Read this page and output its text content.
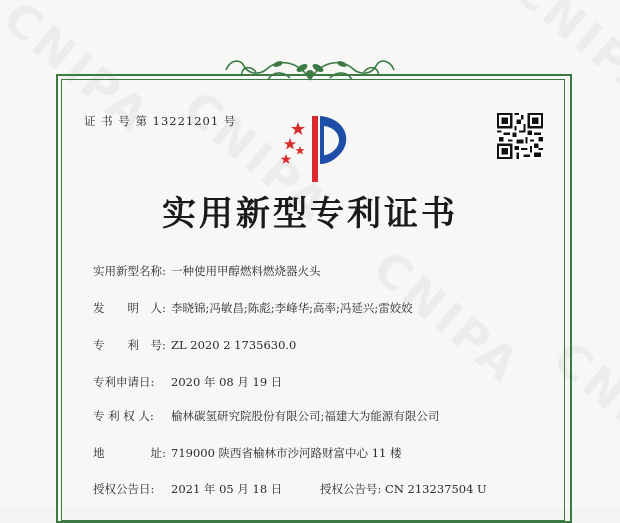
证 书 号 第 13221201 号
实用新型专利证书
实用新型名称: 一种使用甲醇燃料燃烧器火头
发　　明　人: 李晓锦;冯敏昌;陈彪;李峰华;高率;冯延兴;雷姣姣
专　　利　号: ZL 2020 2 1735630.0
专利申请日: 2020 年 08 月 19 日
专 利 权 人: 榆林碳氢研究院股份有限公司;福建大为能源有限公司
地　　　　址: 719000 陕西省榆林市沙河路财富中心 11 楼
授权公告日: 2021 年 05 月 18 日	授权公告号: CN 213237504 U
